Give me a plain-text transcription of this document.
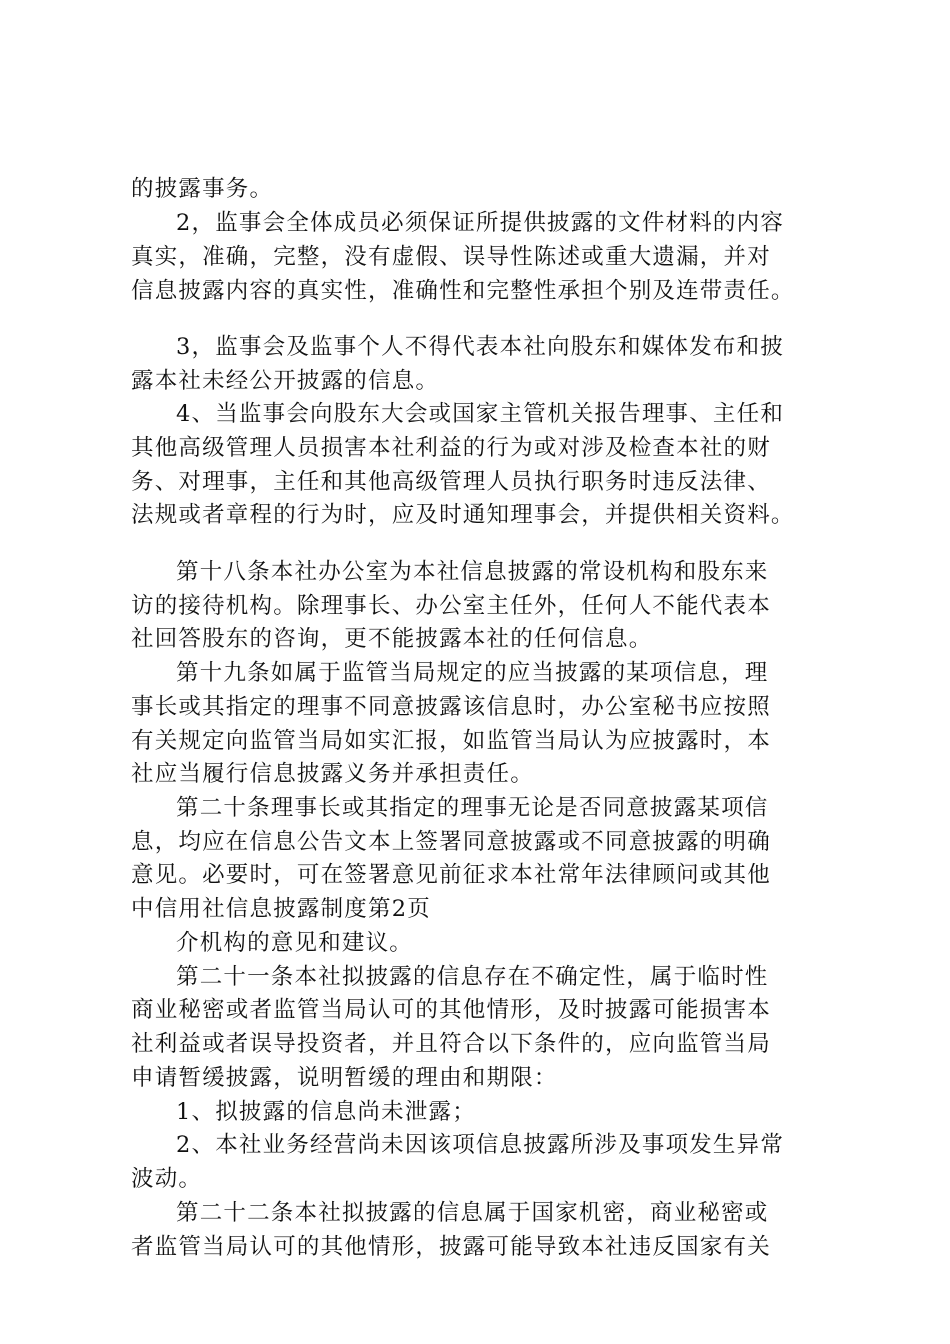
的披露事务。
2，监事会全体成员必须保证所提供披露的文件材料的内容
真实，准确，完整，没有虚假、误导性陈述或重大遗漏，并对
信息披露内容的真实性，准确性和完整性承担个别及连带责任。
3，监事会及监事个人不得代表本社向股东和媒体发布和披
露本社未经公开披露的信息。
4、当监事会向股东大会或国家主管机关报告理事、主任和
其他高级管理人员损害本社利益的行为或对涉及检查本社的财
务、对理事，主任和其他高级管理人员执行职务时违反法律、
法规或者章程的行为时，应及时通知理事会，并提供相关资料。
第十八条本社办公室为本社信息披露的常设机构和股东来
访的接待机构。除理事长、办公室主任外，任何人不能代表本
社回答股东的咨询，更不能披露本社的任何信息。
第十九条如属于监管当局规定的应当披露的某项信息，理
事长或其指定的理事不同意披露该信息时，办公室秘书应按照
有关规定向监管当局如实汇报，如监管当局认为应披露时，本
社应当履行信息披露义务并承担责任。
第二十条理事长或其指定的理事无论是否同意披露某项信
息，均应在信息公告文本上签署同意披露或不同意披露的明确
意见。必要时，可在签署意见前征求本社常年法律顾问或其他
中信用社信息披露制度第2页
介机构的意见和建议。
第二十一条本社拟披露的信息存在不确定性，属于临时性
商业秘密或者监管当局认可的其他情形，及时披露可能损害本
社利益或者误导投资者，并且符合以下条件的，应向监管当局
申请暂缓披露，说明暂缓的理由和期限：
1、拟披露的信息尚未泄露；
2、本社业务经营尚未因该项信息披露所涉及事项发生异常
波动。
第二十二条本社拟披露的信息属于国家机密，商业秘密或
者监管当局认可的其他情形，披露可能导致本社违反国家有关
